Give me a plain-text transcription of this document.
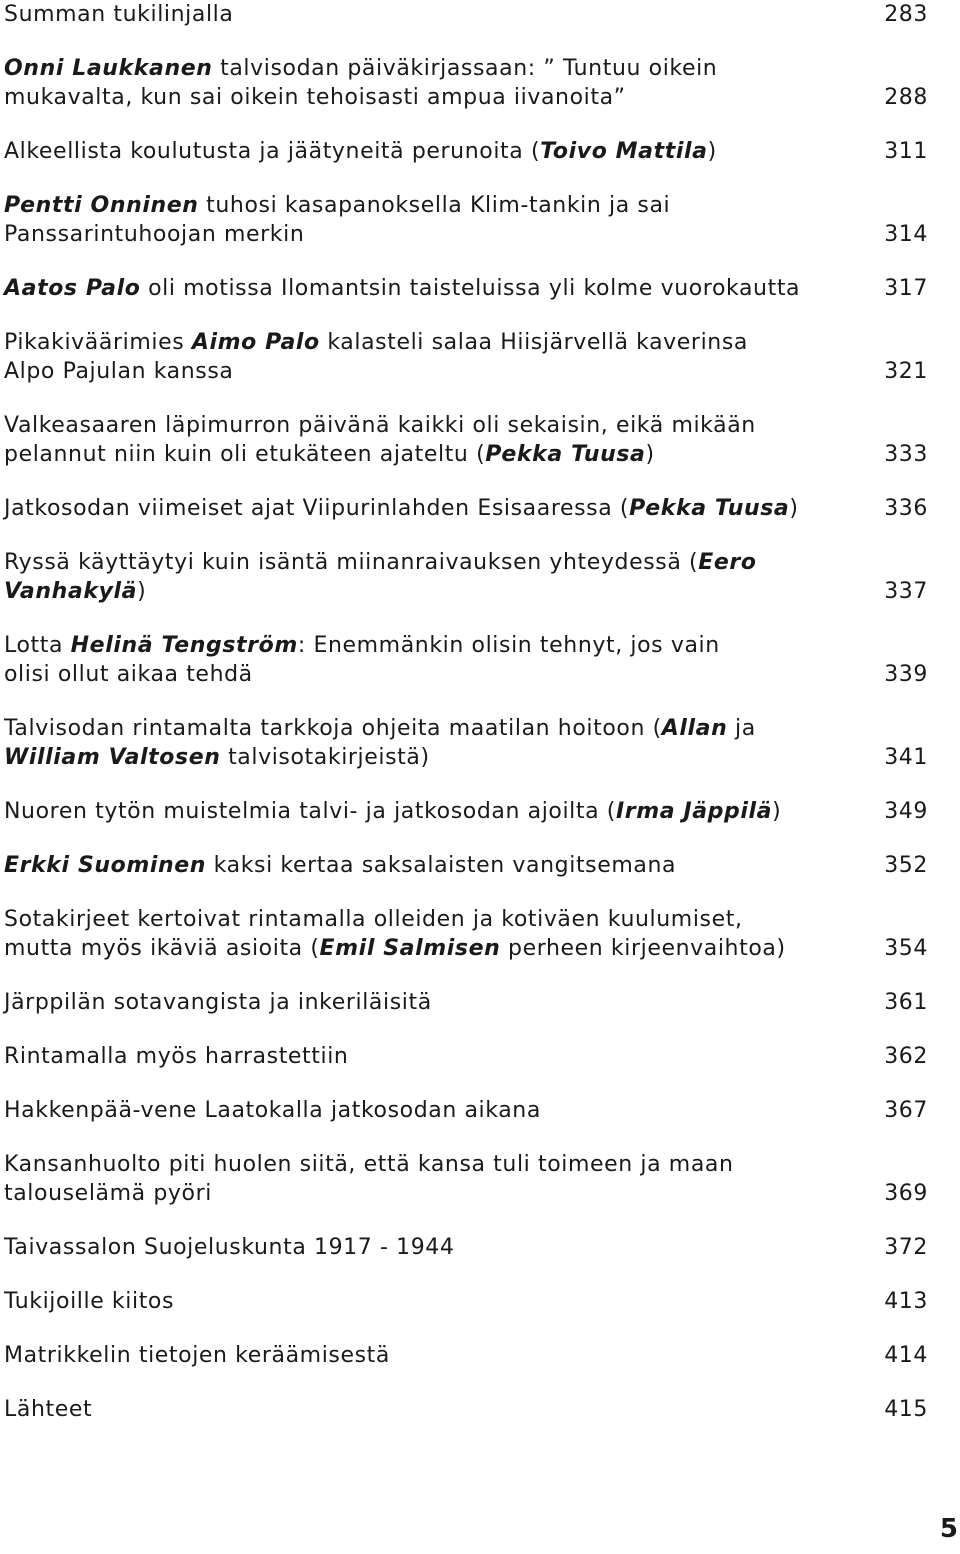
Summan tukilinjalla	283
Onni Laukkanen talvisodan päiväkirjassaan: ” Tuntuu oikein
mukavalta, kun sai oikein tehoisasti ampua iivanoita”	288
Alkeellista koulutusta ja jäätyneitä perunoita (Toivo Mattila)	311
Pentti Onninen tuhosi kasapanoksella Klim-tankin ja sai
Panssarintuhoojan merkin	314
Aatos Palo oli motissa Ilomantsin taisteluissa yli kolme vuorokautta	317
Pikakiväärimies Aimo Palo kalasteli salaa Hiisjärvellä kaverinsa
Alpo Pajulan kanssa	321
Valkeasaaren läpimurron päivänä kaikki oli sekaisin, eikä mikään
pelannut niin kuin oli etukäteen ajateltu (Pekka Tuusa)	333
Jatkosodan viimeiset ajat Viipurinlahden Esisaaressa (Pekka Tuusa)	336
Ryssä käyttäytyi kuin isäntä miinanraivauksen yhteydessä (Eero
Vanhakylä)	337
Lotta Helinä Tengström: Enemmänkin olisin tehnyt, jos vain
olisi ollut aikaa tehdä	339
Talvisodan rintamalta tarkkoja ohjeita maatilan hoitoon (Allan ja
William Valtosen talvisotakirjeistä)	341
Nuoren tytön muistelmia talvi- ja jatkosodan ajoilta (Irma Jäppilä)	349
Erkki Suominen kaksi kertaa saksalaisten vangitsemana	352
Sotakirjeet kertoivat rintamalla olleiden ja kotiväen kuulumiset,
mutta myös ikäviä asioita (Emil Salmisen perheen kirjeenvaihtoa)	354
Järppilän sotavangista ja inkeriläisitä	361
Rintamalla myös harrastettiin	362
Hakkenpää-vene Laatokalla jatkosodan aikana	367
Kansanhuolto piti huolen siitä, että kansa tuli toimeen ja maan
talouselämä pyöri	369
Taivassalon Suojeluskunta 1917 - 1944	372
Tukijoille kiitos	413
Matrikkelin tietojen keräämisestä	414
Lähteet	415
5
